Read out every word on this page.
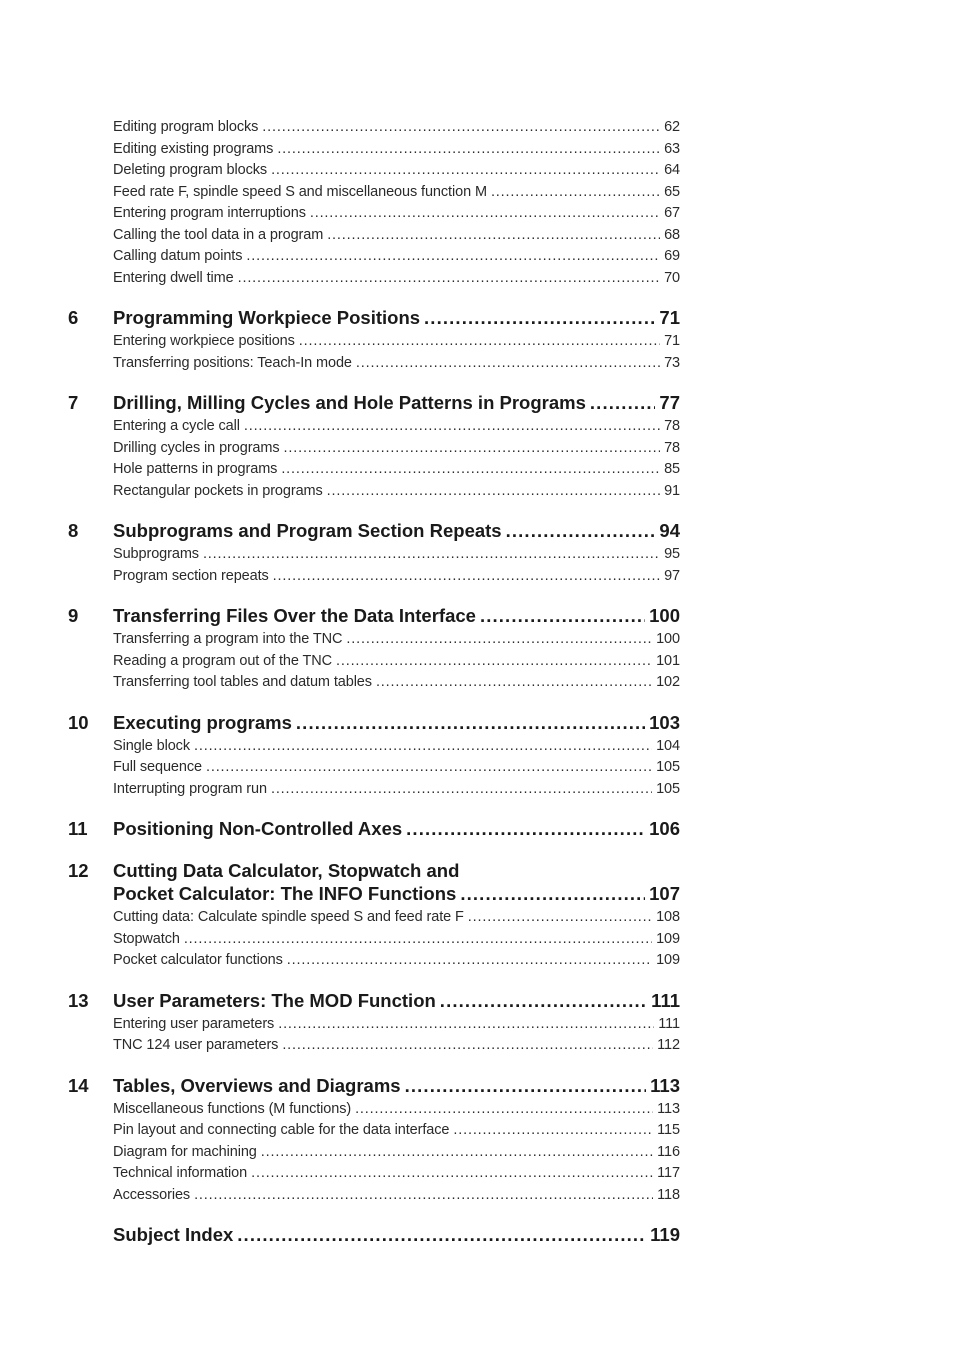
Editing program blocks . . .	62
Editing existing programs . . .	63
Deleting program blocks . . .	64
Feed rate F, spindle speed S and miscellaneous function M . . .	65
Entering program interruptions . . .	67
Calling the tool data in a program . . .	68
Calling datum points . . .	69
Entering dwell time . . .	70
6 Programming Workpiece Positions . . .	71
Entering workpiece positions . . .	71
Transferring positions: Teach-In mode . . .	73
7 Drilling, Milling Cycles and Hole Patterns in Programs . . .	77
Entering a cycle call . . .	78
Drilling cycles in programs . . .	78
Hole patterns in programs . . .	85
Rectangular pockets in programs . . .	91
8 Subprograms and Program Section Repeats . . .	94
Subprograms . . .	95
Program section repeats . . .	97
9 Transferring Files Over the Data Interface . . .	100
Transferring a program into the TNC . . .	100
Reading a program out of the TNC . . .	101
Transferring tool tables and datum tables . . .	102
10 Executing programs . . .	103
Single block . . .	104
Full sequence . . .	105
Interrupting program run . . .	105
11 Positioning Non-Controlled Axes . . .	106
12 Cutting Data Calculator, Stopwatch and
Pocket Calculator: The INFO Functions . . .	107
Cutting data: Calculate spindle speed S and feed rate F . . .	108
Stopwatch . . .	109
Pocket calculator functions . . .	109
13 User Parameters: The MOD Function . . .	111
Entering user parameters . . .	111
TNC 124 user parameters . . .	112
14 Tables, Overviews and Diagrams . . .	113
Miscellaneous functions (M functions) . . .	113
Pin layout and connecting cable for the data interface . . .	115
Diagram for machining . . .	116
Technical information . . .	117
Accessories . . .	118
Subject Index . . .	119
